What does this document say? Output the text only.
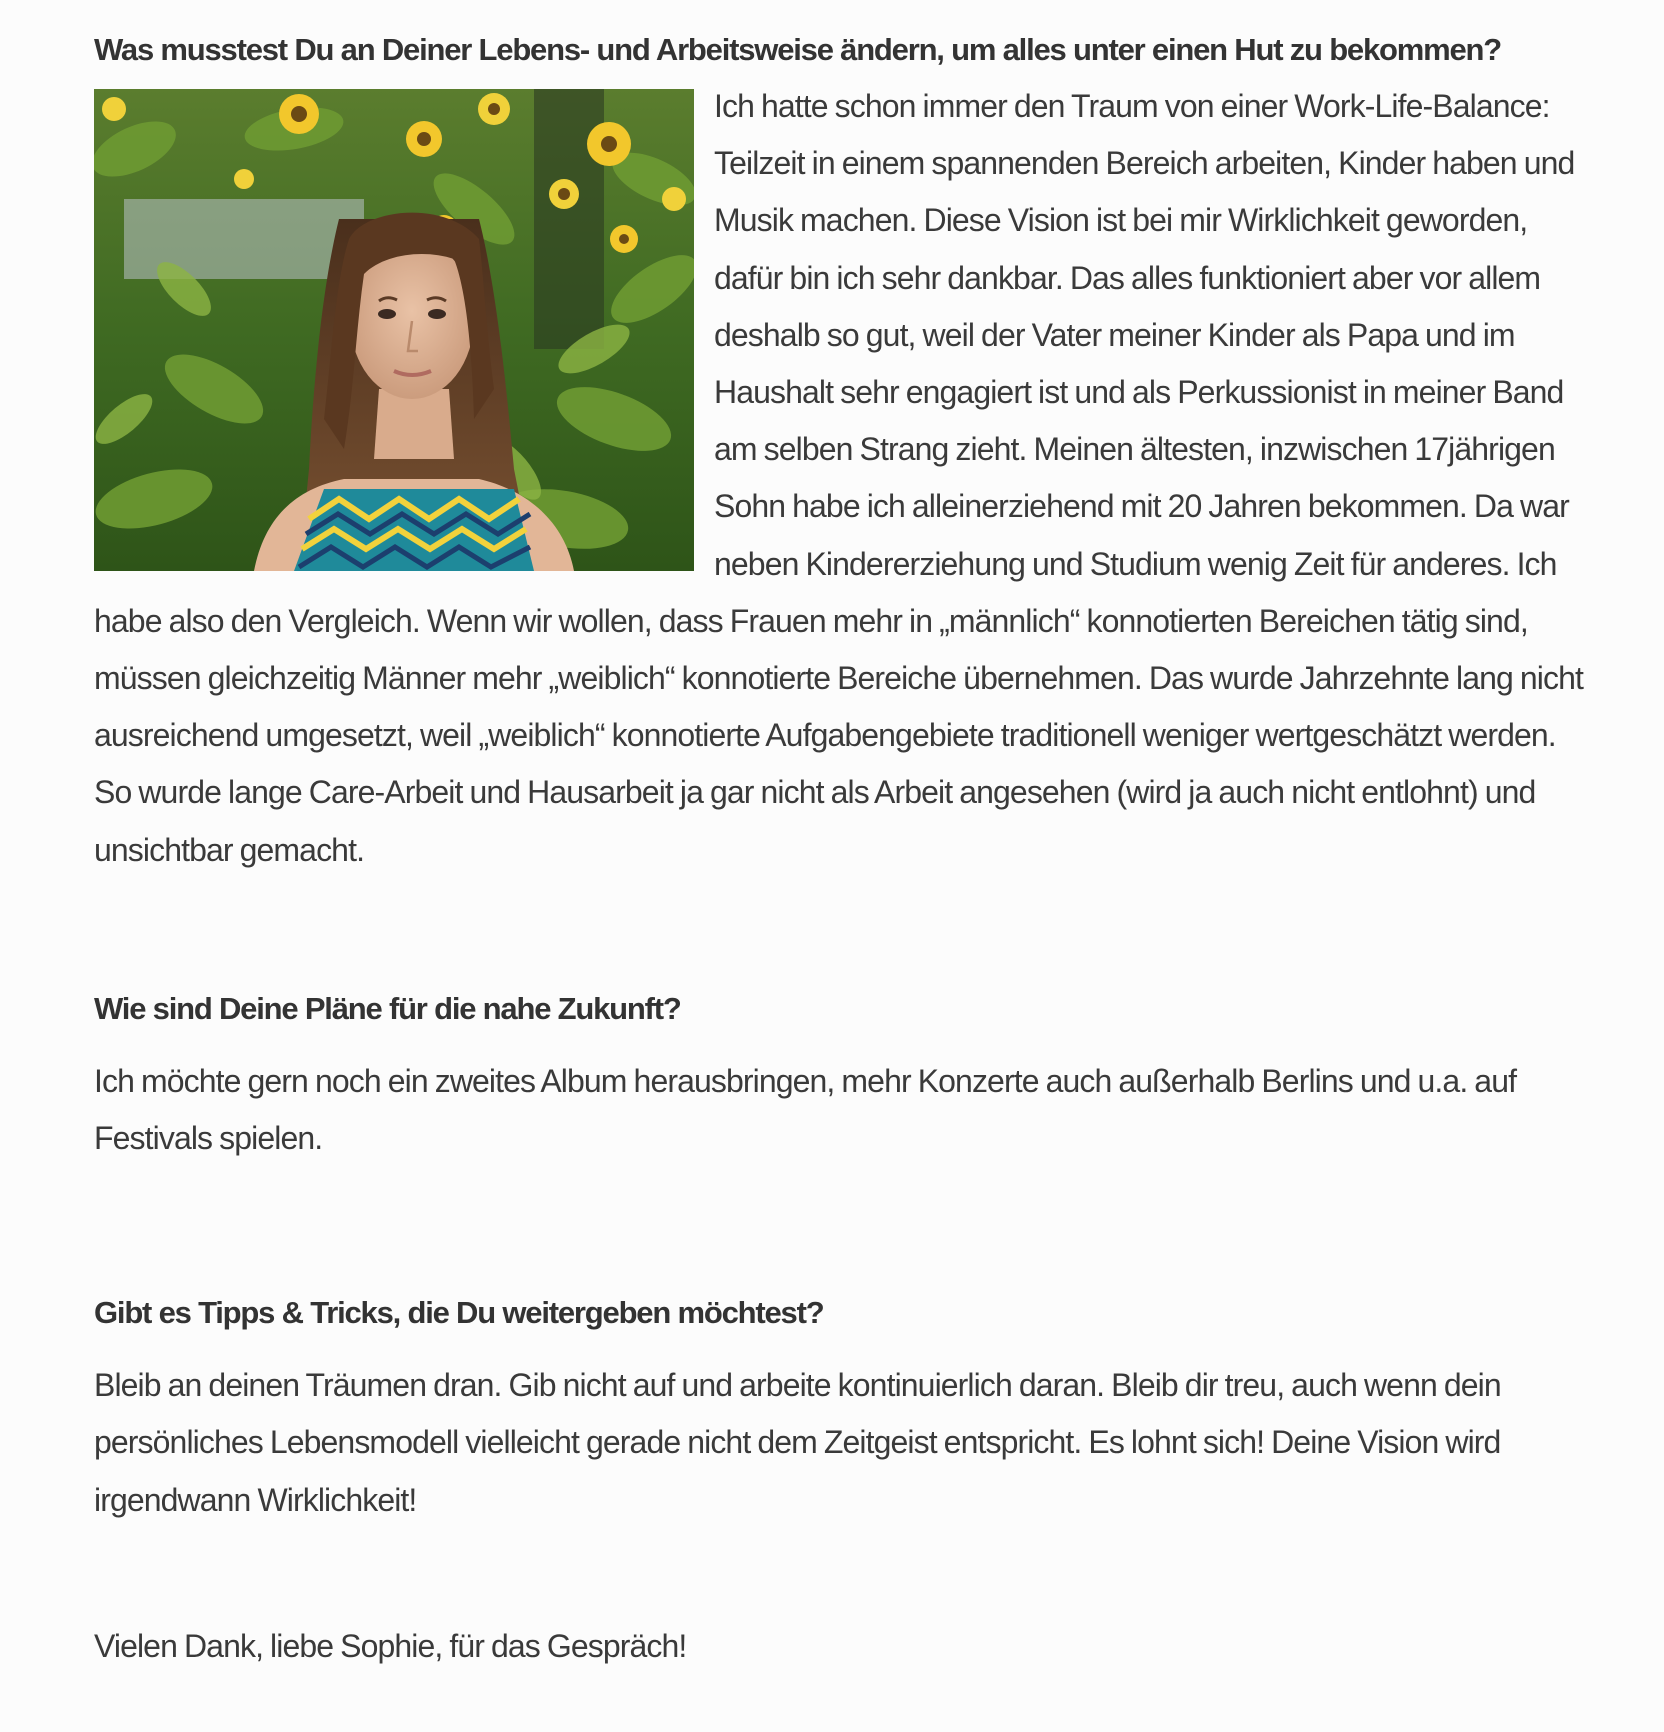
Was musstest Du an Deiner Lebens- und Arbeitsweise ändern, um alles unter einen Hut zu bekommen?

Ich hatte schon immer den Traum von einer Work-Life-Balance: Teilzeit in einem spannenden Bereich arbeiten, Kinder haben und Musik machen. Diese Vision ist bei mir Wirklichkeit geworden, dafür bin ich sehr dankbar. Das alles funktioniert aber vor allem deshalb so gut, weil der Vater meiner Kinder als Papa und im Haushalt sehr engagiert ist und als Perkussionist in meiner Band am selben Strang zieht. Meinen ältesten, inzwischen 17jährigen Sohn habe ich alleinerziehend mit 20 Jahren bekommen. Da war neben Kindererziehung und Studium wenig Zeit für anderes. Ich habe also den Vergleich. Wenn wir wollen, dass Frauen mehr in „männlich“ konnotierten Bereichen tätig sind, müssen gleichzeitig Männer mehr „weiblich“ konnotierte Bereiche übernehmen. Das wurde Jahrzehnte lang nicht ausreichend umgesetzt, weil „weiblich“ konnotierte Aufgabengebiete traditionell weniger wertgeschätzt werden. So wurde lange Care-Arbeit und Hausarbeit ja gar nicht als Arbeit angesehen (wird ja auch nicht entlohnt) und unsichtbar gemacht.

Wie sind Deine Pläne für die nahe Zukunft?

Ich möchte gern noch ein zweites Album herausbringen, mehr Konzerte auch außerhalb Berlins und u.a. auf Festivals spielen.

Gibt es Tipps & Tricks, die Du weitergeben möchtest?

Bleib an deinen Träumen dran. Gib nicht auf und arbeite kontinuierlich daran. Bleib dir treu, auch wenn dein persönliches Lebensmodell vielleicht gerade nicht dem Zeitgeist entspricht. Es lohnt sich! Deine Vision wird irgendwann Wirklichkeit!

Vielen Dank, liebe Sophie, für das Gespräch!
